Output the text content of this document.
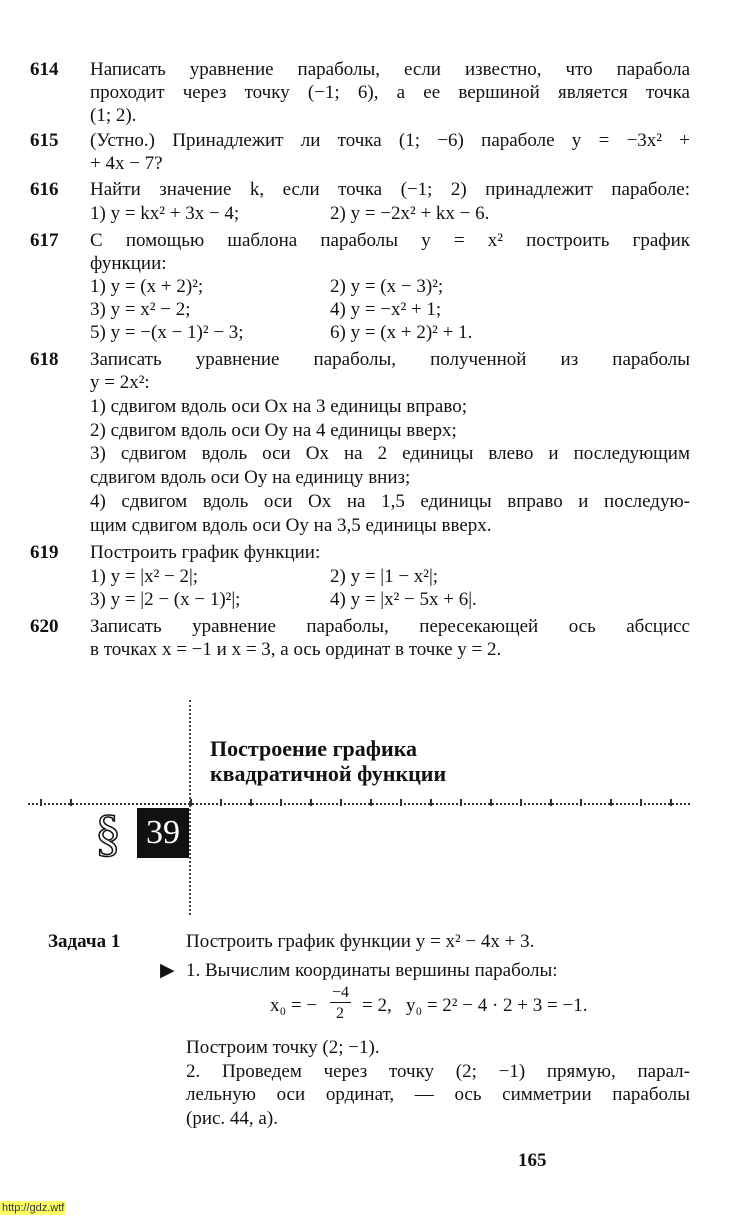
614 Написать уравнение параболы, если известно, что парабола
проходит через точку (−1; 6), а ее вершиной является точка
(1; 2).
615 (Устно.) Принадлежит ли точка (1; −6) параболе y = −3x² +
+ 4x − 7?
616 Найти значение k, если точка (−1; 2) принадлежит параболе:
1) y = kx² + 3x − 4;	2) y = −2x² + kx − 6.
617 С помощью шаблона параболы y = x² построить график
функции:
1) y = (x + 2)²;	2) y = (x − 3)²;
3) y = x² − 2;	4) y = −x² + 1;
5) y = −(x − 1)² − 3;	6) y = (x + 2)² + 1.
618 Записать уравнение параболы, полученной из параболы
y = 2x²:
1) сдвигом вдоль оси Ox на 3 единицы вправо;
2) сдвигом вдоль оси Oy на 4 единицы вверх;
3) сдвигом вдоль оси Ox на 2 единицы влево и последующим
сдвигом вдоль оси Oy на единицу вниз;
4) сдвигом вдоль оси Ox на 1,5 единицы вправо и последую-
щим сдвигом вдоль оси Oy на 3,5 единицы вверх.
619 Построить график функции:
1) y = |x² − 2|;	2) y = |1 − x²|;
3) y = |2 − (x − 1)²|;	4) y = |x² − 5x + 6|.
620 Записать уравнение параболы, пересекающей ось абсцисс
в точках x = −1 и x = 3, а ось ординат в точке y = 2.
Построение графика
квадратичной функции
§ 39
Задача 1	Построить график функции y = x² − 4x + 3.
▶ 1. Вычислим координаты вершины параболы:
x₀ = −
−4
2 = 2,   y₀ = 2² − 4 · 2 + 3 = −1.
Построим точку (2; −1).
2. Проведем через точку (2; −1) прямую, парал-
лельную оси ординат, — ось симметрии параболы
(рис. 44, a).
165
http://gdz.wtf
